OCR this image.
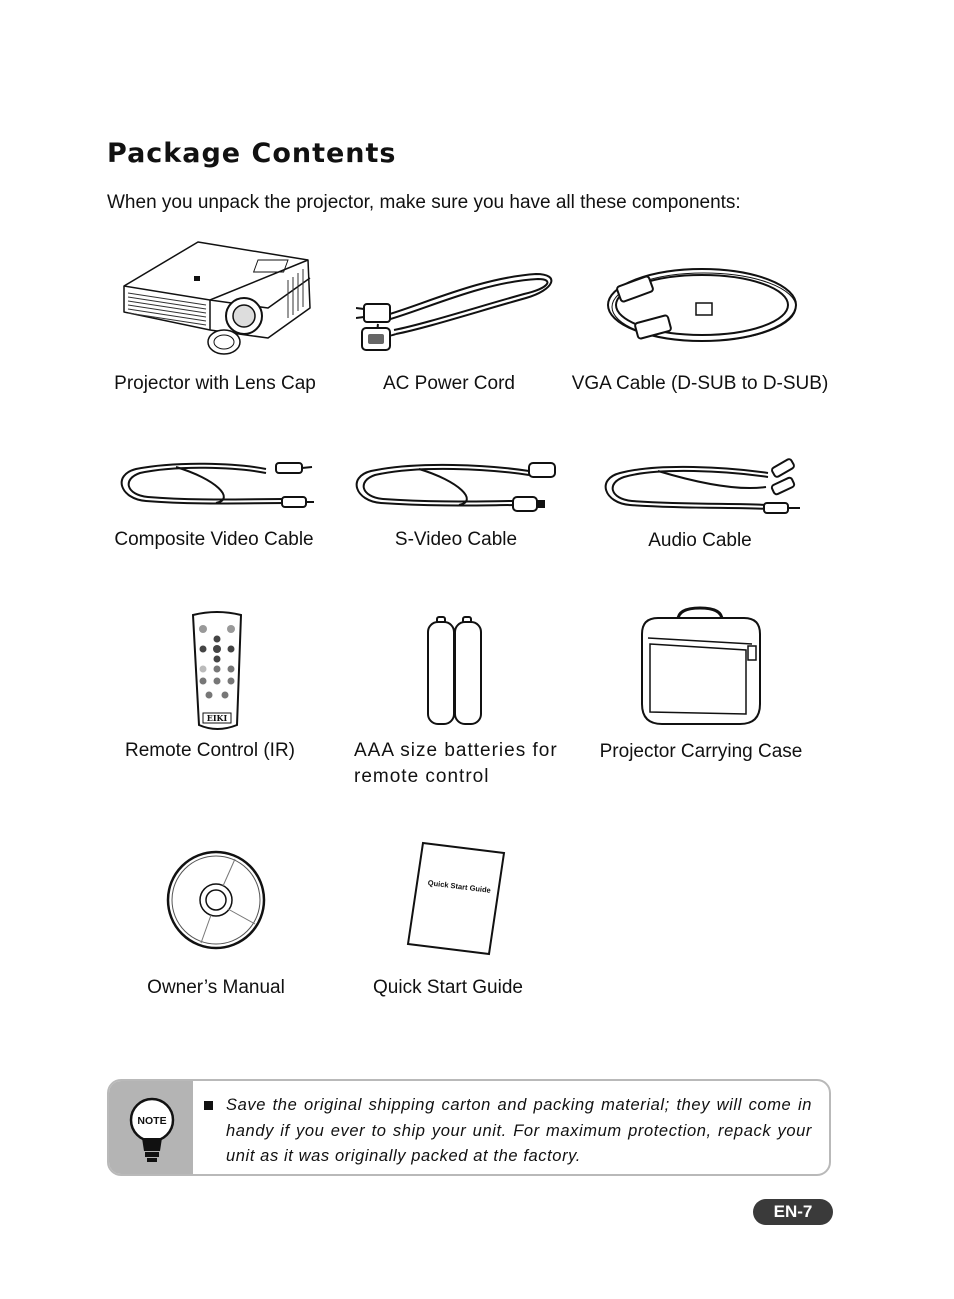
Package Contents
When you unpack the projector, make sure you have all these components:
Projector with Lens Cap	AC Power Cord	VGA Cable (D-SUB to D-SUB)
Composite Video Cable	S-Video Cable	Audio Cable
EIKI
Remote Control (IR)	AAA size batteries for remote control
Projector Carrying Case
Owner’s Manual
Quick Start Guide
Quick Start Guide
NOTE
Save the original shipping carton and packing material; they will come in handy if you ever to ship your unit. For maximum protection, repack your unit as it was originally packed at the factory.
EN-7
